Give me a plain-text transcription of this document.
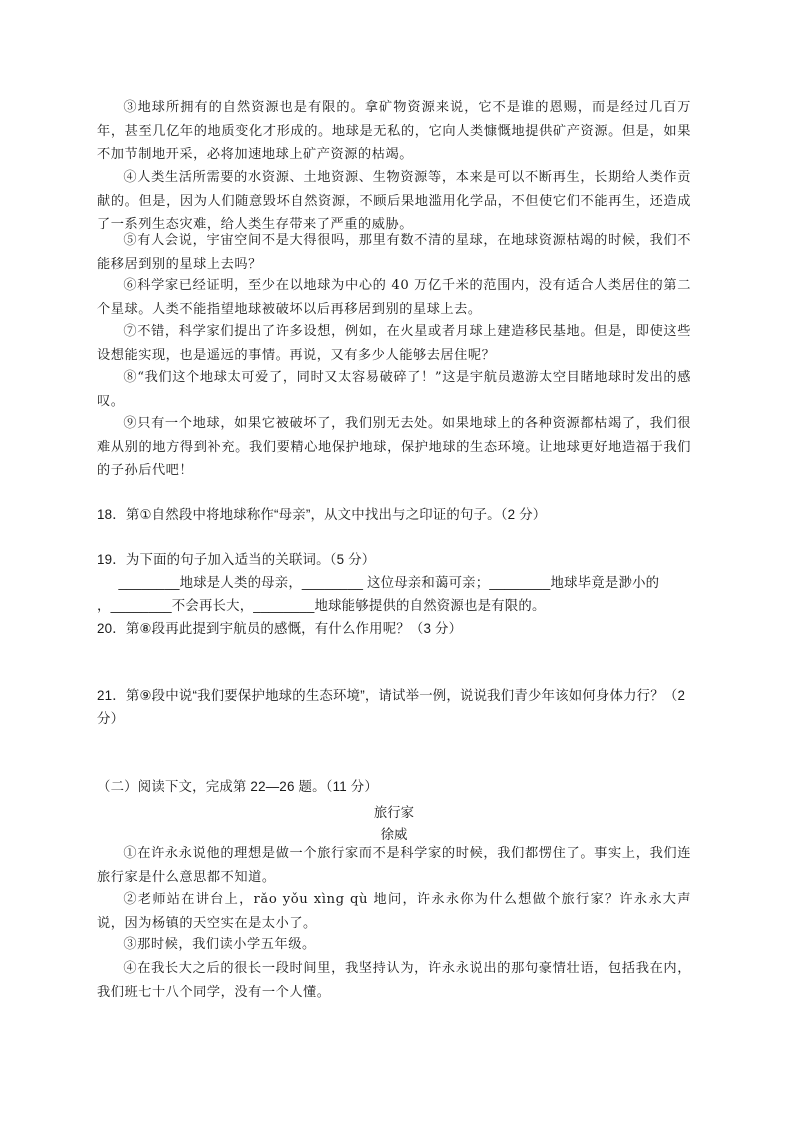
③地球所拥有的自然资源也是有限的。拿矿物资源来说，它不是谁的恩赐，而是经过几百万年，甚至几亿年的地质变化才形成的。地球是无私的，它向人类慷慨地提供矿产资源。但是，如果不加节制地开采，必将加速地球上矿产资源的枯竭。

④人类生活所需要的水资源、土地资源、生物资源等，本来是可以不断再生，长期给人类作贡献的。但是，因为人们随意毁坏自然资源，不顾后果地滥用化学品，不但使它们不能再生，还造成了一系列生态灾难，给人类生存带来了严重的威胁。

⑤有人会说，宇宙空间不是大得很吗，那里有数不清的星球，在地球资源枯竭的时候，我们不能移居到别的星球上去吗？

⑥科学家已经证明，至少在以地球为中心的 40 万亿千米的范围内，没有适合人类居住的第二个星球。人类不能指望地球被破坏以后再移居到别的星球上去。

⑦不错，科学家们提出了许多设想，例如，在火星或者月球上建造移民基地。但是，即使这些设想能实现，也是遥远的事情。再说，又有多少人能够去居住呢？

⑧“我们这个地球太可爱了，同时又太容易破碎了！”这是宇航员遨游太空目睹地球时发出的感叹。

⑨只有一个地球，如果它被破坏了，我们别无去处。如果地球上的各种资源都枯竭了，我们很难从别的地方得到补充。我们要精心地保护地球，保护地球的生态环境。让地球更好地造福于我们的子孙后代吧！

18．第①自然段中将地球称作“母亲”，从文中找出与之印证的句子。（2 分）

19．为下面的句子加入适当的关联词。（5 分）

________地球是人类的母亲，________ 这位母亲和蔼可亲；________地球毕竟是渺小的

，________不会再长大，________地球能够提供的自然资源也是有限的。

20．第⑧段再此提到宇航员的感慨，有什么作用呢？（3 分）

21．第⑨段中说“我们要保护地球的生态环境”，请试举一例，说说我们青少年该如何身体力行？（2 分）

（二）阅读下文，完成第 22—26 题。（11 分）

旅行家

徐威

①在许永永说他的理想是做一个旅行家而不是科学家的时候，我们都愣住了。事实上，我们连旅行家是什么意思都不知道。

②老师站在讲台上，rǎo yǒu xìng qù 地问，许永永你为什么想做个旅行家？许永永大声说，因为杨镇的天空实在是太小了。

③那时候，我们读小学五年级。

④在我长大之后的很长一段时间里，我坚持认为，许永永说出的那句豪情壮语，包括我在内，我们班七十八个同学，没有一个人懂。
